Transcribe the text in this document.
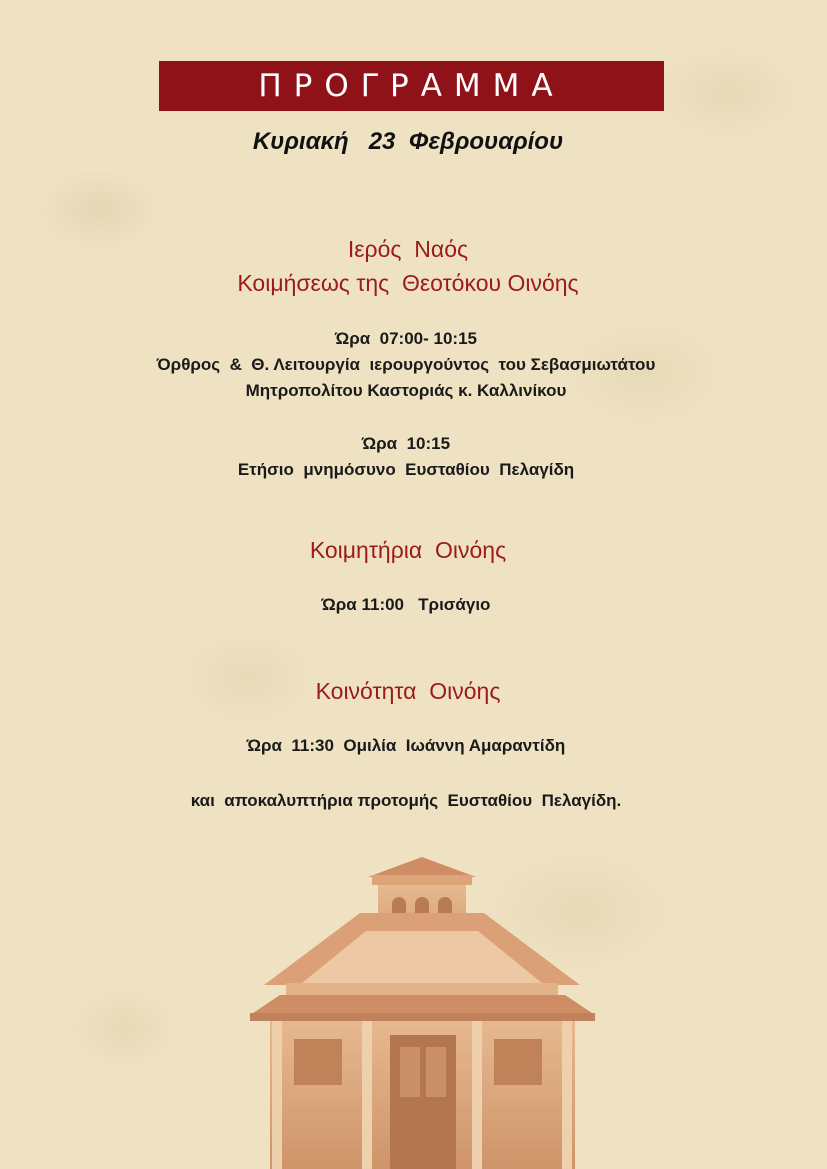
ΠΡΟΓΡΑΜΜΑ
Κυριακή   23  Φεβρουαρίου
Ιερός  Ναός
Κοιμήσεως της  Θεοτόκου Οινόης
Ώρα  07:00- 10:15
Όρθρος  &  Θ. Λειτουργία  ιερουργούντος  του Σεβασμιωτάτου
Μητροπολίτου Καστοριάς κ. Καλλινίκου
Ώρα  10:15
Ετήσιο  μνημόσυνο  Ευσταθίου  Πελαγίδη
Κοιμητήρια  Οινόης
Ώρα 11:00   Τρισάγιο
Κοινότητα  Οινόης
Ώρα  11:30  Ομιλία  Ιωάννη Αμαραντίδη
και  αποκαλυπτήρια προτομής  Ευσταθίου  Πελαγίδη.
